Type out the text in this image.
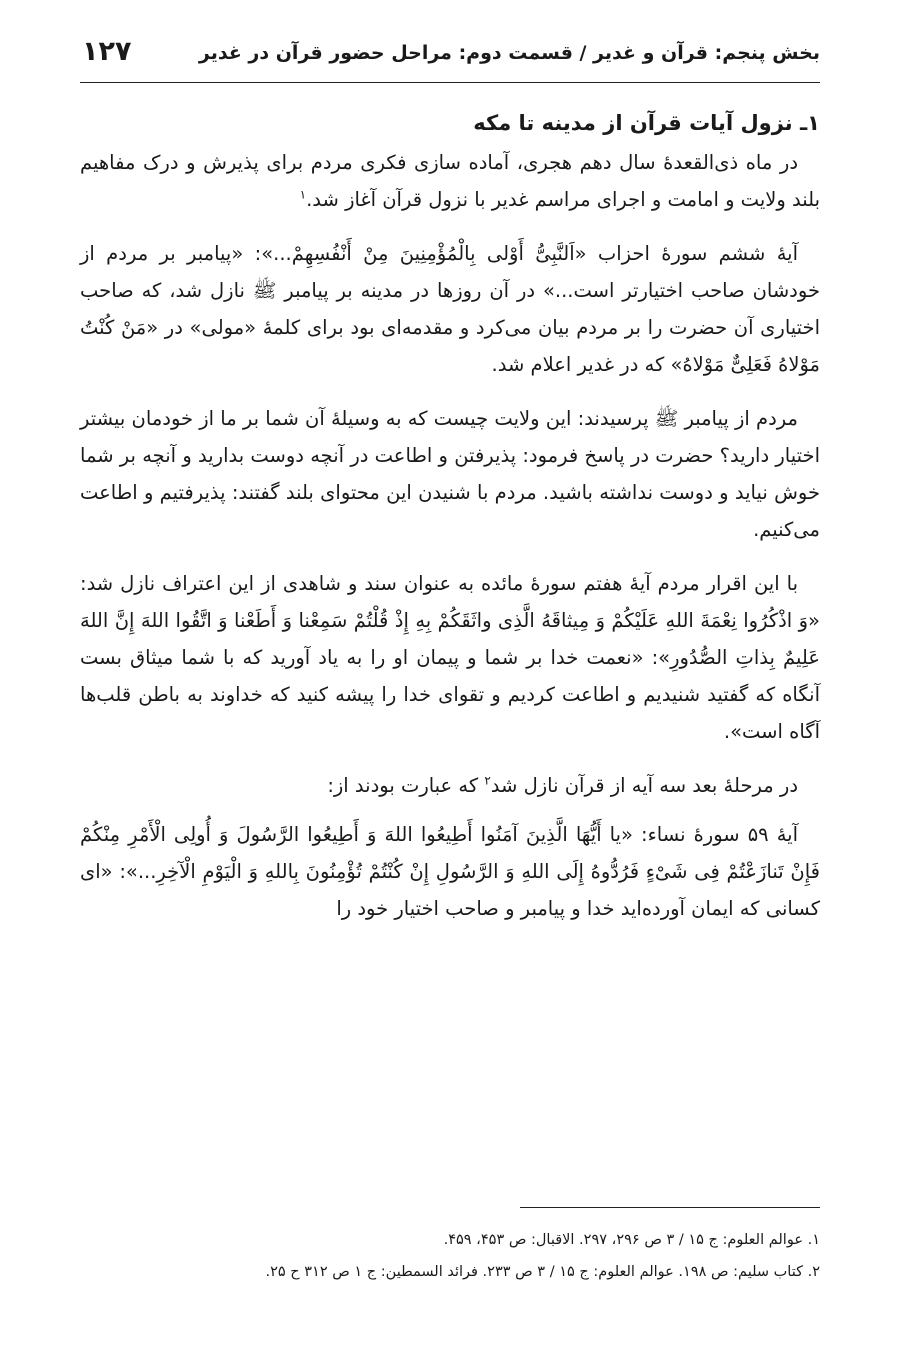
بخش پنجم: قرآن و غدیر / قسمت دوم: مراحل حضور قرآن در غدیر
۱۲۷
۱ـ نزول آیات قرآن از مدینه تا مکه

در ماه ذی‌القعدۀ سال دهم هجری، آماده سازی فکری مردم برای پذیرش و درک مفاهیم بلند ولایت و امامت و اجرای مراسم غدیر با نزول قرآن آغاز شد.$^۱$

آیۀ ششم سورۀ احزاب «اَلنَّبِیُّ أَوْلی بِالْمُؤْمِنِینَ مِنْ أَنْفُسِهِمْ...»: «پیامبر بر مردم از خودشان صاحب اختیارتر است...» در آن روزها در مدینه بر پیامبر ﷺ نازل شد، که صاحب اختیاری آن حضرت را بر مردم بیان می‌کرد و مقدمه‌ای بود برای کلمۀ «مولی» در «مَنْ کُنْتُ مَوْلاهُ فَعَلِیٌّ مَوْلاهُ» که در غدیر اعلام شد.

مردم از پیامبر ﷺ پرسیدند: این ولایت چیست که به وسیلۀ آن شما بر ما از خودمان بیشتر اختیار دارید؟ حضرت در پاسخ فرمود: پذیرفتن و اطاعت در آنچه دوست بدارید و آنچه بر شما خوش نیاید و دوست نداشته باشید. مردم با شنیدن این محتوای بلند گفتند: پذیرفتیم و اطاعت می‌کنیم.

با این اقرار مردم آیۀ هفتم سورۀ مائده به عنوان سند و شاهدی از این اعتراف نازل شد: «وَ اذْکُرُوا نِعْمَةَ اللهِ عَلَیْکُمْ وَ مِیثاقَهُ الَّذِی واثَقَکُمْ بِهِ إِذْ قُلْتُمْ سَمِعْنا وَ أَطَعْنا وَ اتَّقُوا اللهَ إِنَّ اللهَ عَلِیمٌ بِذاتِ الصُّدُورِ»: «نعمت خدا بر شما و پیمان او را به یاد آورید که با شما میثاق بست آنگاه که گفتید شنیدیم و اطاعت کردیم و تقوای خدا را پیشه کنید که خداوند به باطن قلب‌ها آگاه است».

در مرحلۀ بعد سه آیه از قرآن نازل شد$^۲$ که عبارت بودند از:

آیۀ ۵۹ سورۀ نساء: «یا أَیُّهَا الَّذِینَ آمَنُوا أَطِیعُوا اللهَ وَ أَطِیعُوا الرَّسُولَ وَ أُولِی الْأَمْرِ مِنْکُمْ فَإِنْ تَنازَعْتُمْ فِی شَیْءٍ فَرُدُّوهُ إِلَی اللهِ وَ الرَّسُولِ إِنْ کُنْتُمْ تُؤْمِنُونَ بِاللهِ وَ الْیَوْمِ الْآخِرِ...»: «ای کسانی که ایمان آورده‌اید خدا و پیامبر و صاحب اختیار خود را

۱. عوالم العلوم: ج ۱۵ / ۳ ص ۲۹۶، ۲۹۷. الاقبال: ص ۴۵۳، ۴۵۹.

۲. کتاب سلیم: ص ۱۹۸. عوالم العلوم: ج ۱۵ / ۳ ص ۲۳۳. فرائد السمطین: ج ۱ ص ۳۱۲ ح ۲۵.
